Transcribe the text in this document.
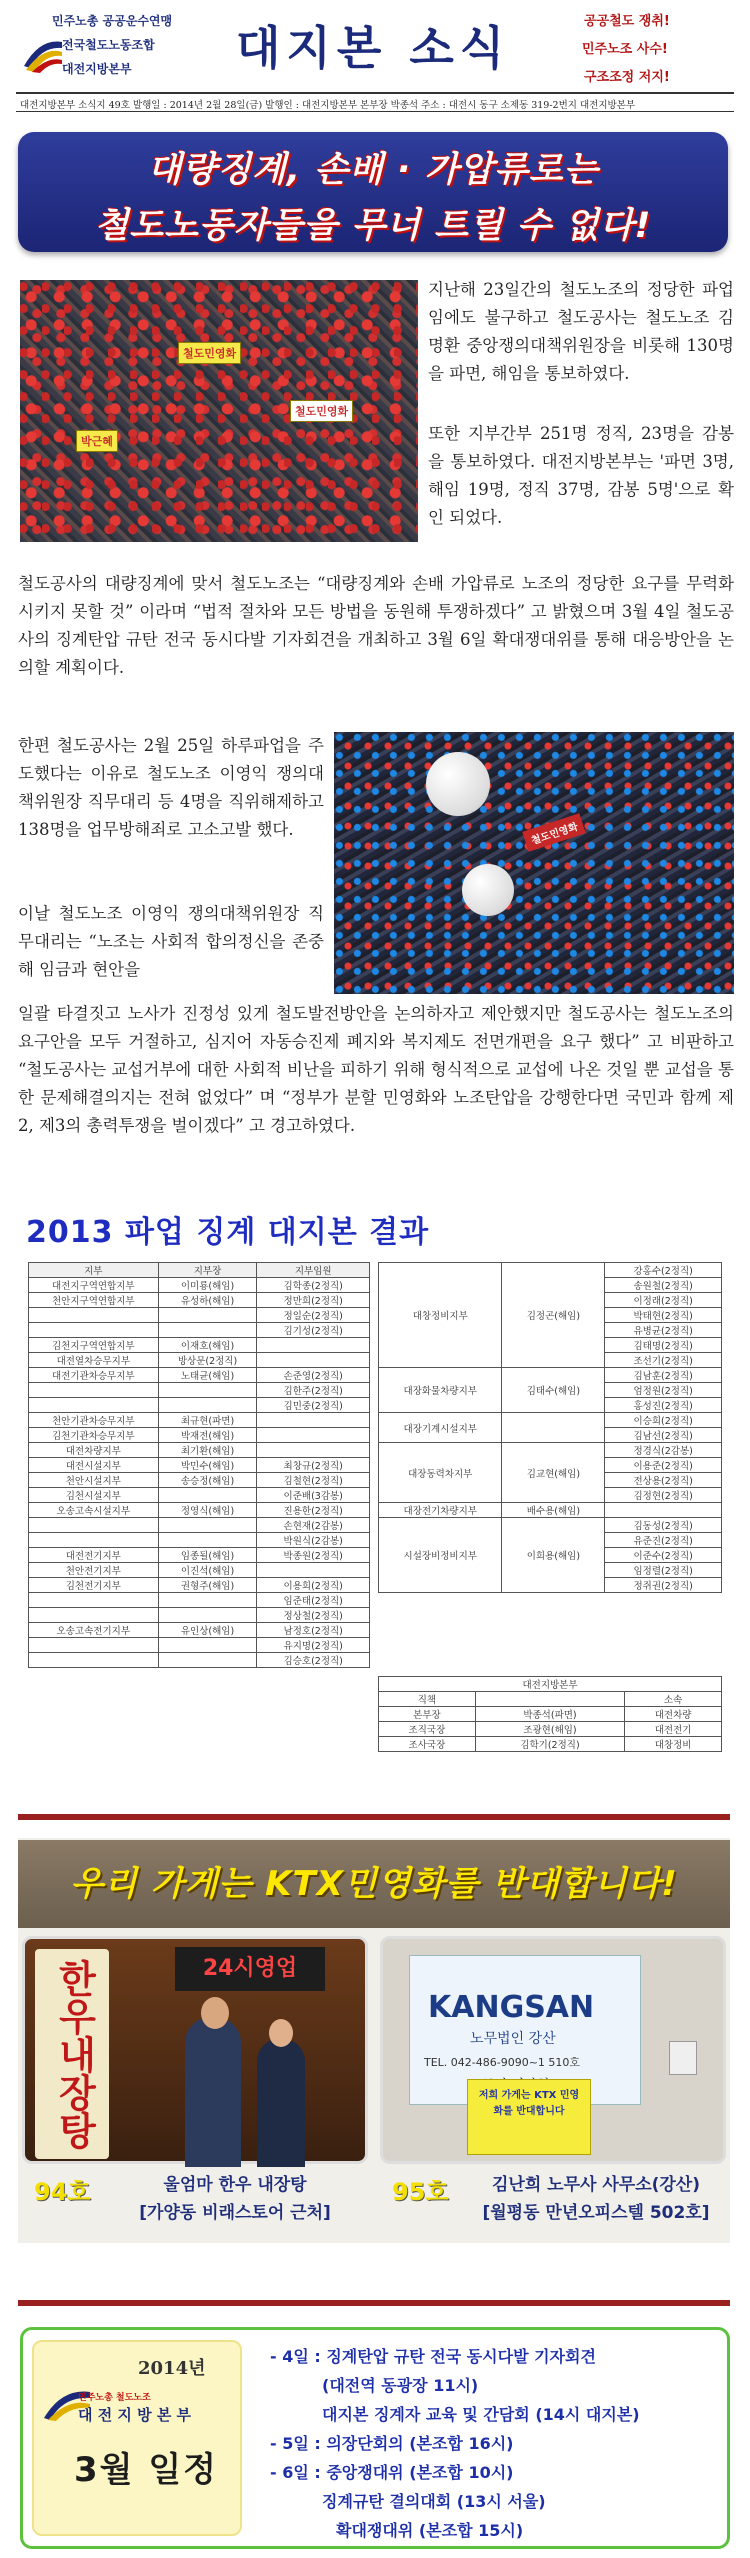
민주노총 공공운수연맹
전국철도노동조합
대전지방본부 대지본 소식	공공철도 쟁취!
민주노조 사수!
구조조정 저지!
대전지방본부 소식지 49호 발행일 : 2014년 2월 28일(금) 발행인 : 대전지방본부 본부장 박종석 주소 : 대전시 동구 소제동 319-2번지 대전지방본부
대량징계, 손배 · 가압류로는
철도노동자들을 무너 트릴 수 없다!
철도민영화
박근혜
철도민영화
지난해 23일간의 철도노조의 정당한 파업임에도 불구하고 철도공사는 철도노조 김명환 중앙쟁의대책위원장을 비롯해 130명을 파면, 해임을 통보하였다.
또한 지부간부 251명 정직, 23명을 감봉을 통보하였다. 대전지방본부는 '파면 3명, 해임 19명, 정직 37명, 감봉 5명'으로 확인 되었다.
철도공사의 대량징계에 맞서 철도노조는 “대량징계와 손배 가압류로 노조의 정당한 요구를 무력화 시키지 못할 것” 이라며 “법적 절차와 모든 방법을 동원해 투쟁하겠다” 고 밝혔으며 3월 4일 철도공사의 징계탄압 규탄 전국 동시다발 기자회견을 개최하고 3월 6일 확대쟁대위를 통해 대응방안을 논의할 계획이다.
한편 철도공사는 2월 25일 하루파업을 주도했다는 이유로 철도노조 이영익 쟁의대책위원장 직무대리 등 4명을 직위해제하고 138명을 업무방해죄로 고소고발 했다.
이날 철도노조 이영익 쟁의대책위원장 직무대리는 “노조는 사회적 합의정신을 존중해 임금과 현안을
철도민영화
일괄 타결짓고 노사가 진정성 있게 철도발전방안을 논의하자고 제안했지만 철도공사는 철도노조의 요구안을 모두 거절하고, 심지어 자동승진제 폐지와 복지제도 전면개편을 요구 했다” 고 비판하고 “철도공사는 교섭거부에 대한 사회적 비난을 피하기 위해 형식적으로 교섭에 나온 것일 뿐 교섭을 통한 문제해결의지는 전혀 없었다” 며 “정부가 분할 민영화와 노조탄압을 강행한다면 국민과 함께 제 2, 제3의 총력투쟁을 벌이겠다” 고 경고하였다.
2013 파업 징계 대지본 결과
지부	지부장	지부임원
대전지구역연합지부	이미룡(해임)	김학종(2정직)
천안지구역연합지부	유성하(해임)	정만희(2정직)
		정일순(2정직)
		김기성(2정직)
김천지구역연합지부	이재호(해임)	
대전열차승무지부	방상문(2정직)	
대전기관차승무지부	노태균(해임)	손준영(2정직)
		김한주(2정직)
		김민중(2정직)
천안기관차승무지부	최규현(파면)	
김천기관차승무지부	박재전(해임)	
대전차량지부	최기환(해임)	
대전시설지부	박민수(해임)	최창규(2정직)
천안시설지부	송승정(해임)	김철현(2정직)
김천시설지부		이준배(3감봉)
오송고속시설지부	정영식(해임)	진용한(2정직)
		손현재(2감봉)
		박원식(2감봉)
대전전기지부	임종될(해임)	박종원(2정직)
천안전기지부	이진석(해임)	
김천전기지부	권형주(해임)	이용희(2정직)
		임준태(2정직)
		정상철(2정직)
오송고속전기지부	유인상(해임)	남정호(2정직)
		유지명(2정직)
		김승호(2정직)
대창정비지부	김정곤(해임)	강홍수(2정직)
		송원철(2정직)
		이정래(2정직)
		박태현(2정직)
		유병균(2정직)
		김태명(2정직)
		조선기(2정직)
대장화물차량지부	김태수(해임)	김남훈(2정직)
		엄정원(2정직)
		홍성진(2정직)
대장기계시설지부		이승희(2정직)
		김남선(2정직)
대장동력차지부	김교현(해임)	정경식(2감봉)
		이용준(2정직)
		전상용(2정직)
		김정현(2정직)
대장전기차량지부	배수용(해임)	
시설장비정비지부	이희용(해임)	김동성(2정직)
		유준진(2정직)
		이준수(2정직)
		임정렬(2정직)
		정쥐권(2정직)
대전지방본부		
직책		소속
본부장	박종석(파면)	대전차량
조직국장	조광현(해임)	대전전기
조사국장	김학기(2정직)	대창정비
우리 가게는 KTX민영화를 반대합니다!
한우내장탕	24시영업
94호	울엄마 한우 내장탕
[가양동 비래스토어 근처]
KANGSAN
노무법인 강산
TEL. 042-486-9090~1 510호
저희 가게는 KTX 민영화를 반대합니다
95호	김난희 노무사 사무소(강산)
[월평동 만년오피스텔 502호]
2014년
민주노총 철도노조
대 전 지 방 본 부
3월 일정
- 4일 : 징계탄압 규탄 전국 동시다발 기자회견
(대전역 동광장 11시)
대지본 징계자 교육 및 간담회 (14시 대지본)
- 5일 : 의장단회의 (본조합 16시)
- 6일 : 중앙쟁대위 (본조합 10시)
징계규탄 결의대회 (13시 서울)
확대쟁대위 (본조합 15시)
